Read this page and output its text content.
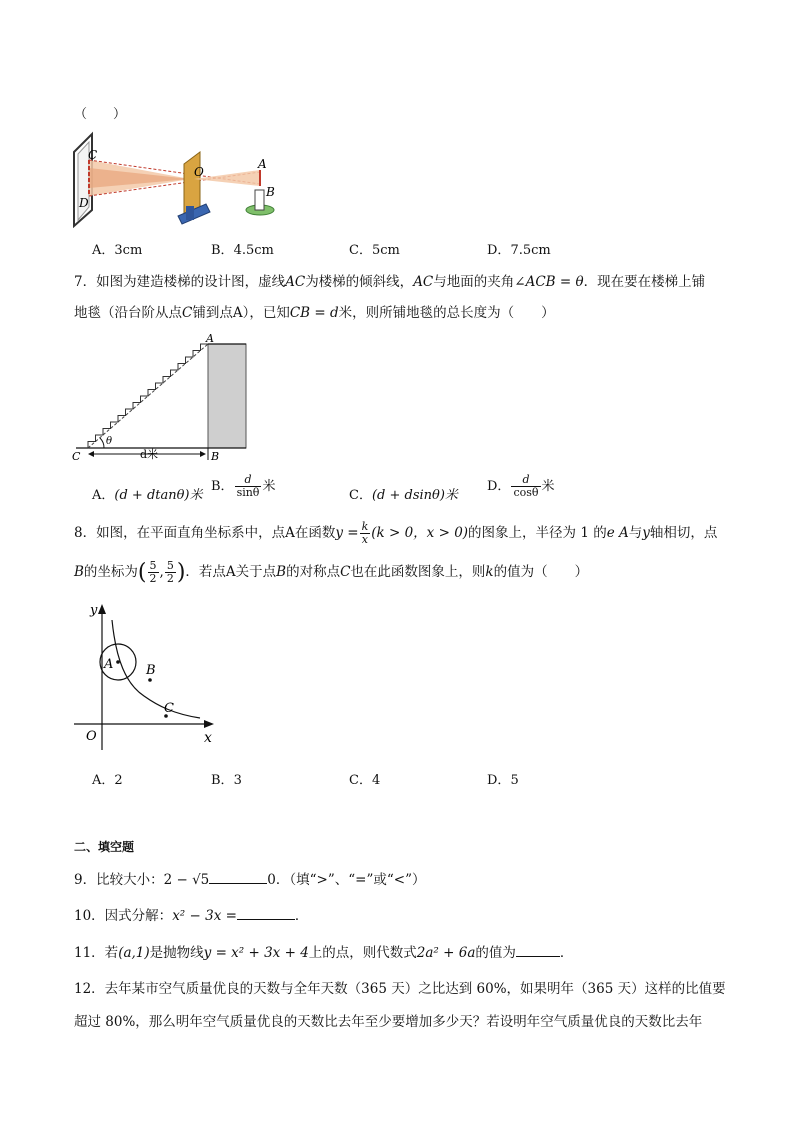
（　　）
C
D
O
A
B
A．3cm	B．4.5cm	C．5cm	D．7.5cm
7．如图为建造楼梯的设计图，虚线AC为楼梯的倾斜线，AC与地面的夹角∠ACB = θ．现在要在楼梯上铺
地毯（沿台阶从点C铺到点A），已知CB = d米，则所铺地毯的总长度为（　　）
θ
A
C	B
d米
A．(d + dtanθ)米
B． $\frac{d}{\sin\theta}$ 米
C．(d + dsinθ)米
D． $\frac{d}{\cos\theta}$ 米
8．如图，在平面直角坐标系中，点A在函数$y = \frac{k}{x} (k > 0$，x > 0)的图象上，半径为 1 的e A与y轴相切，点
B的坐标为( $\frac{5}{2}$ , $\frac{5}{2}$ )．若点A关于点B的对称点C也在此函数图象上，则k的值为（　　）
y
x
O
A	B
C
A．2	B．3	C．4	D．5
二、填空题
9．比较大小：2 − √5	0．（填“>”、“=”或“<”）
10．因式分解：x² − 3x =	．
11．若(a,1)是抛物线y = x² + 3x + 4上的点，则代数式2a² + 6a的值为	．
12．去年某市空气质量优良的天数与全年天数（365 天）之比达到 60%，如果明年（365 天）这样的比值要
超过 80%，那么明年空气质量优良的天数比去年至少要增加多少天？若设明年空气质量优良的天数比去年
